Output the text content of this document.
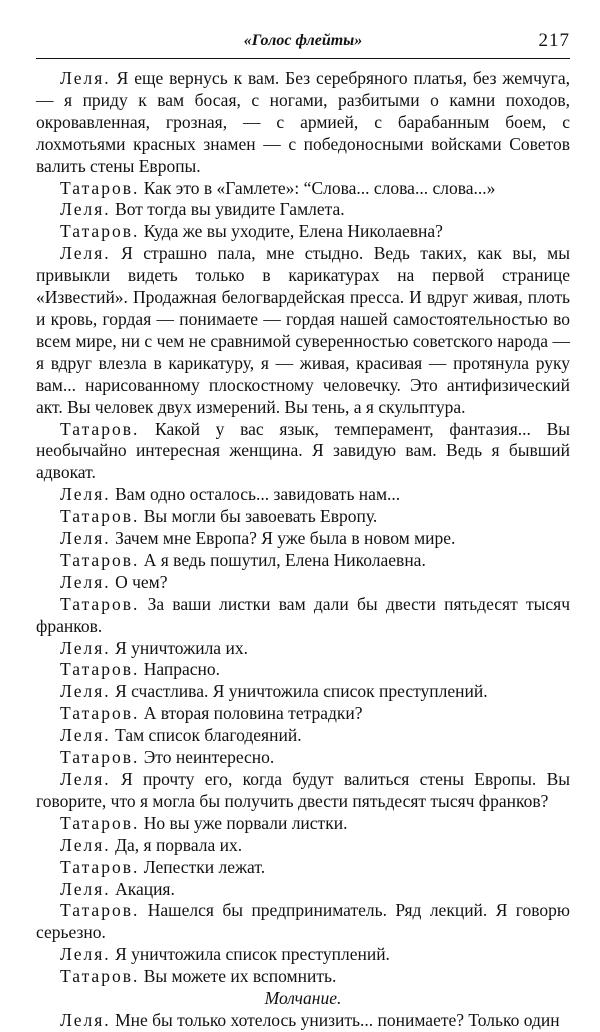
«Голос флейты»	217

Леля. Я еще вернусь к вам. Без серебряного платья, без жемчуга, — я приду к вам босая, с ногами, разбитыми о камни походов, окровавленная, грозная, — с армией, с барабанным боем, с лохмотьями красных знамен — с победоносными войсками Советов валить стены Европы.

Татаров. Как это в «Гамлете»: “Слова... слова... слова...»

Леля. Вот тогда вы увидите Гамлета.

Татаров. Куда же вы уходите, Елена Николаевна?

Леля. Я страшно пала, мне стыдно. Ведь таких, как вы, мы привыкли видеть только в карикатурах на первой странице «Известий». Продажная белогвардейская пресса. И вдруг живая, плоть и кровь, гордая — понимаете — гордая нашей самостоятельностью во всем мире, ни с чем не сравнимой суверенностью советского народа — я вдруг влезла в карикатуру, я — живая, красивая — протянула руку вам... нарисованному плоскостному человечку. Это антифизический акт. Вы человек двух измерений. Вы тень, а я скульптура.

Татаров. Какой у вас язык, темперамент, фантазия... Вы необычайно интересная женщина. Я завидую вам. Ведь я бывший адвокат.

Леля. Вам одно осталось... завидовать нам...

Татаров. Вы могли бы завоевать Европу.

Леля. Зачем мне Европа? Я уже была в новом мире.

Татаров. А я ведь пошутил, Елена Николаевна.

Леля. О чем?

Татаров. За ваши листки вам дали бы двести пятьдесят тысяч франков.

Леля. Я уничтожила их.

Татаров. Напрасно.

Леля. Я счастлива. Я уничтожила список преступлений.

Татаров. А вторая половина тетрадки?

Леля. Там список благодеяний.

Татаров. Это неинтересно.

Леля. Я прочту его, когда будут валиться стены Европы. Вы говорите, что я могла бы получить двести пятьдесят тысяч франков?

Татаров. Но вы уже порвали листки.

Леля. Да, я порвала их.

Татаров. Лепестки лежат.

Леля. Акация.

Татаров. Нашелся бы предприниматель. Ряд лекций. Я говорю серьезно.

Леля. Я уничтожила список преступлений.

Татаров. Вы можете их вспомнить.

Молчание.

Леля. Мне бы только хотелось унизить... понимаете? Только один
